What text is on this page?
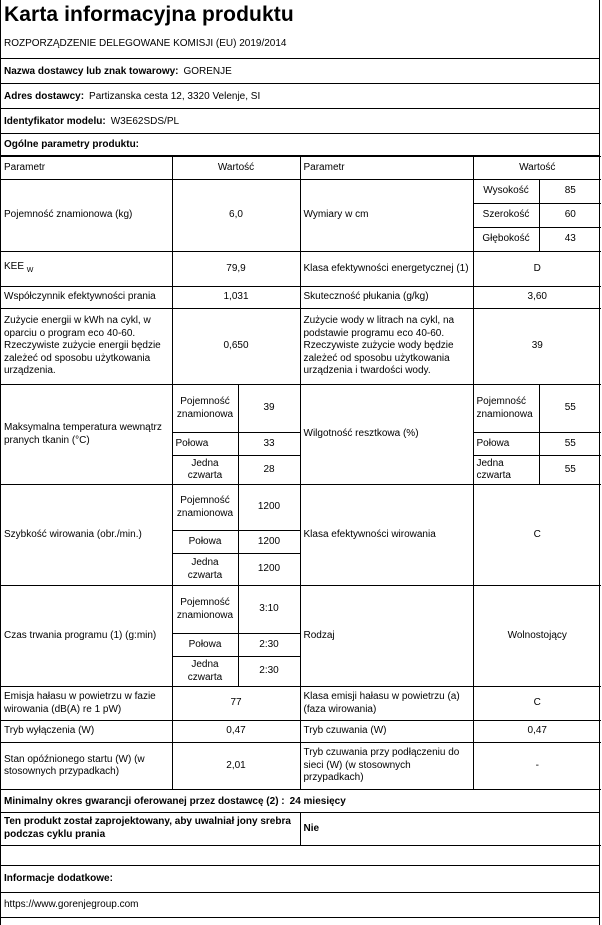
Karta informacyjna produktu
ROZPORZĄDZENIE DELEGOWANE KOMISJI (EU) 2019/2014
Nazwa dostawcy lub znak towarowy: GORENJE
Adres dostawcy: Partizanska cesta 12, 3320 Velenje, SI
Identyfikator modelu: W3E62SDS/PL
Ogólne parametry produktu:
Parametr	Wartość		Parametr	Wartość	
Pojemność znamionowa (kg)	6,0		Wymiary w cm	Wysokość	85
				Szerokość	60
				Głębokość	43
KEE $_W$	79,9		Klasa efektywności energetycznej (1)	D	
Współczynnik efektywności prania	1,031		Skuteczność płukania (g/kg)	3,60	
Zużycie energii w kWh na cykl, w oparciu o program eco 40-60. Rzeczywiste zużycie energii będzie zależeć od sposobu użytkowania urządzenia.	0,650		Zużycie wody w litrach na cykl, na podstawie programu eco 40-60. Rzeczywiste zużycie wody będzie zależeć od sposobu użytkowania urządzenia i twardości wody.	39	
Maksymalna temperatura wewnątrz pranych tkanin (°C)	Pojemność znamionowa	39	Wilgotność resztkowa (%)	Pojemność znamionowa	55
	Połowa	33		Połowa	55
	Jedna czwarta	28		Jedna czwarta	55
Szybkość wirowania (obr./min.)	Pojemność znamionowa	1200	Klasa efektywności wirowania	C	
	Połowa	1200			
	Jedna czwarta	1200			
Czas trwania programu (1) (g:min)	Pojemność znamionowa	3:10	Rodzaj	Wolnostojący	
	Połowa	2:30			
	Jedna czwarta	2:30			
Emisja hałasu w powietrzu w fazie wirowania (dB(A) re 1 pW)	77		Klasa emisji hałasu w powietrzu (a) (faza wirowania)	C	
Tryb wyłączenia (W)	0,47		Tryb czuwania (W)	0,47	
Stan opóźnionego startu (W) (w stosownych przypadkach)	2,01		Tryb czuwania przy podłączeniu do sieci (W) (w stosownych przypadkach)	-	
Minimalny okres gwarancji oferowanej przez dostawcę (2) : 24 miesięcy
Ten produkt został zaprojektowany, aby uwalniał jony srebra podczas cyklu prania	Nie
Informacje dodatkowe:
https://www.gorenjegroup.com
